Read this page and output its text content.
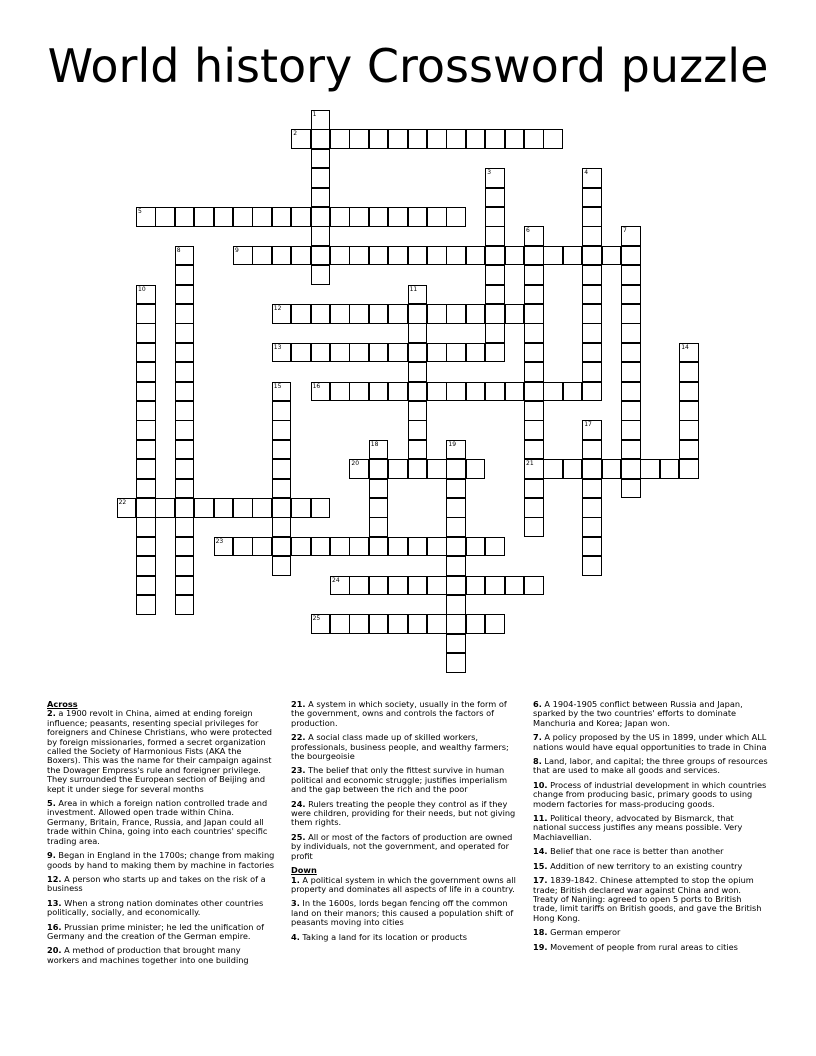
World history Crossword puzzle
1
2
3	4
5
6
21
7
8	9
10	11
12
13	14
15	16
17
18	19
20
22
23
24
25
Across
2. a 1900 revolt in China, aimed at ending foreign influence; peasants, resenting special privileges for foreigners and Chinese Christians, who were protected by foreign missionaries, formed a secret organization called the Society of Harmonious Fists (AKA the Boxers). This was the name for their campaign against the Dowager Empress's rule and foreigner privilege. They surrounded the European section of Beijing and kept it under siege for several months
5. Area in which a foreign nation controlled trade and investment. Allowed open trade within China. Germany, Britain, France, Russia, and Japan could all trade within China, going into each countries' specific trading area.
9. Began in England in the 1700s; change from making goods by hand to making them by machine in factories
12. A person who starts up and takes on the risk of a business
13. When a strong nation dominates other countries politically, socially, and economically.
16. Prussian prime minister; he led the unification of Germany and the creation of the German empire.
20. A method of production that brought many workers and machines together into one building
21. A system in which society, usually in the form of the government, owns and controls the factors of production.
22. A social class made up of skilled workers, professionals, business people, and wealthy farmers; the bourgeoisie
23. The belief that only the fittest survive in human political and economic struggle; justifies imperialism and the gap between the rich and the poor
24. Rulers treating the people they control as if they were children, providing for their needs, but not giving them rights.
25. All or most of the factors of production are owned by individuals, not the government, and operated for profit
Down
1. A political system in which the government owns all property and dominates all aspects of life in a country.
3. In the 1600s, lords began fencing off the common land on their manors; this caused a population shift of peasants moving into cities
4. Taking a land for its location or products
6. A 1904-1905 conflict between Russia and Japan, sparked by the two countries' efforts to dominate Manchuria and Korea; Japan won.
7. A policy proposed by the US in 1899, under which ALL nations would have equal opportunities to trade in China
8. Land, labor, and capital; the three groups of resources that are used to make all goods and services.
10. Process of industrial development in which countries change from producing basic, primary goods to using modern factories for mass-producing goods.
11. Political theory, advocated by Bismarck, that national success justifies any means possible. Very Machiavellian.
14. Belief that one race is better than another
15. Addition of new territory to an existing country
17. 1839-1842. Chinese attempted to stop the opium trade; British declared war against China and won. Treaty of Nanjing: agreed to open 5 ports to British trade, limit tariffs on British goods, and gave the British Hong Kong.
18. German emperor
19. Movement of people from rural areas to cities
